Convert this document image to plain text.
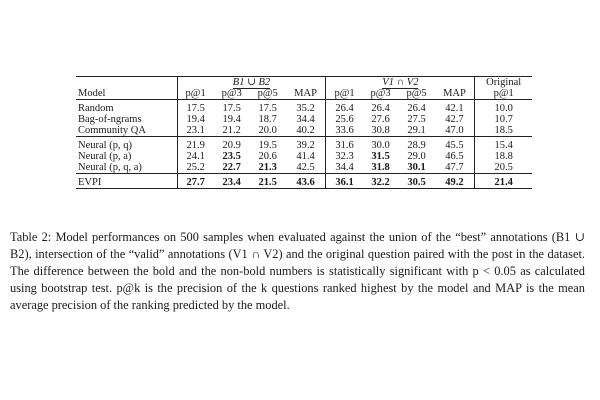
	B1 ∪ B2				V1 ∩ V2				Original
Model	p@1	p@3	p@5	MAP	p@1	p@3	p@5	MAP	p@1

Random	17.5	17.5	17.5	35.2	26.4	26.4	26.4	42.1	10.0
Bag-of-ngrams	19.4	19.4	18.7	34.4	25.6	27.6	27.5	42.7	10.7
Community QA	23.1	21.2	20.0	40.2	33.6	30.8	29.1	47.0	18.5

Neural (p, q)	21.9	20.9	19.5	39.2	31.6	30.0	28.9	45.5	15.4
Neural (p, a)	24.1	23.5	20.6	41.4	32.3	31.5	29.0	46.5	18.8
Neural (p, q, a)	25.2	22.7	21.3	42.5	34.4	31.8	30.1	47.7	20.5

EVPI	27.7	23.4	21.5	43.6	36.1	32.2	30.5	49.2	21.4
Table 2: Model performances on 500 samples when evaluated against the union of the “best” annotations (B1 ∪ B2), intersection of the “valid” annotations (V1 ∩ V2) and the original question paired with the post in the dataset. The difference between the bold and the non-bold numbers is statistically significant with p < 0.05 as calculated using bootstrap test. p@k is the precision of the k questions ranked highest by the model and MAP is the mean average precision of the ranking predicted by the model.
